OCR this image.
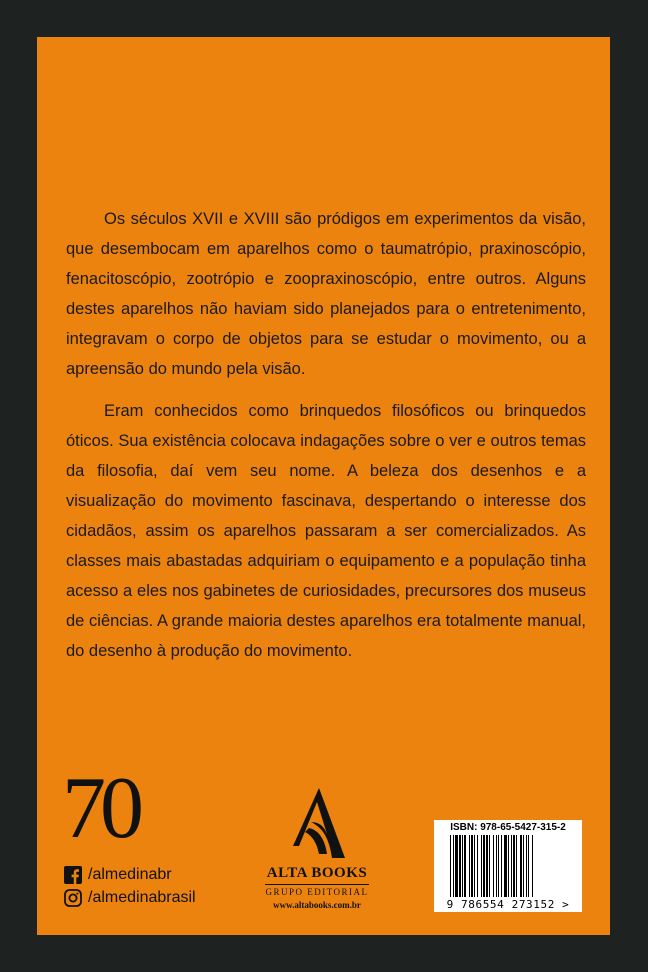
Os séculos XVII e XVIII são pródigos em experimentos da visão, que desembocam em aparelhos como o taumatrópio, praxinoscópio, fenacitoscópio, zootrópio e zoopraxinoscópio, entre outros. Alguns destes aparelhos não haviam sido planejados para o entretenimento, integravam o corpo de objetos para se estudar o movimento, ou a apreensão do mundo pela visão.

Eram conhecidos como brinquedos filosóficos ou brinquedos óticos. Sua existência colocava indagações sobre o ver e outros temas da filosofia, daí vem seu nome. A beleza dos desenhos e a visualização do movimento fascinava, despertando o interesse dos cidadãos, assim os aparelhos passaram a ser comercializados. As classes mais abastadas adquiriam o equipamento e a população tinha acesso a eles nos gabinetes de curiosidades, precursores dos museus de ciências. A grande maioria destes aparelhos era totalmente manual, do desenho à produção do movimento.

70
/almedinabr
/almedinabrasil
ALTA BOOKS
GRUPO EDITORIAL
www.altabooks.com.br
ISBN: 978-65-5427-315-2
9 786554 273152 >
